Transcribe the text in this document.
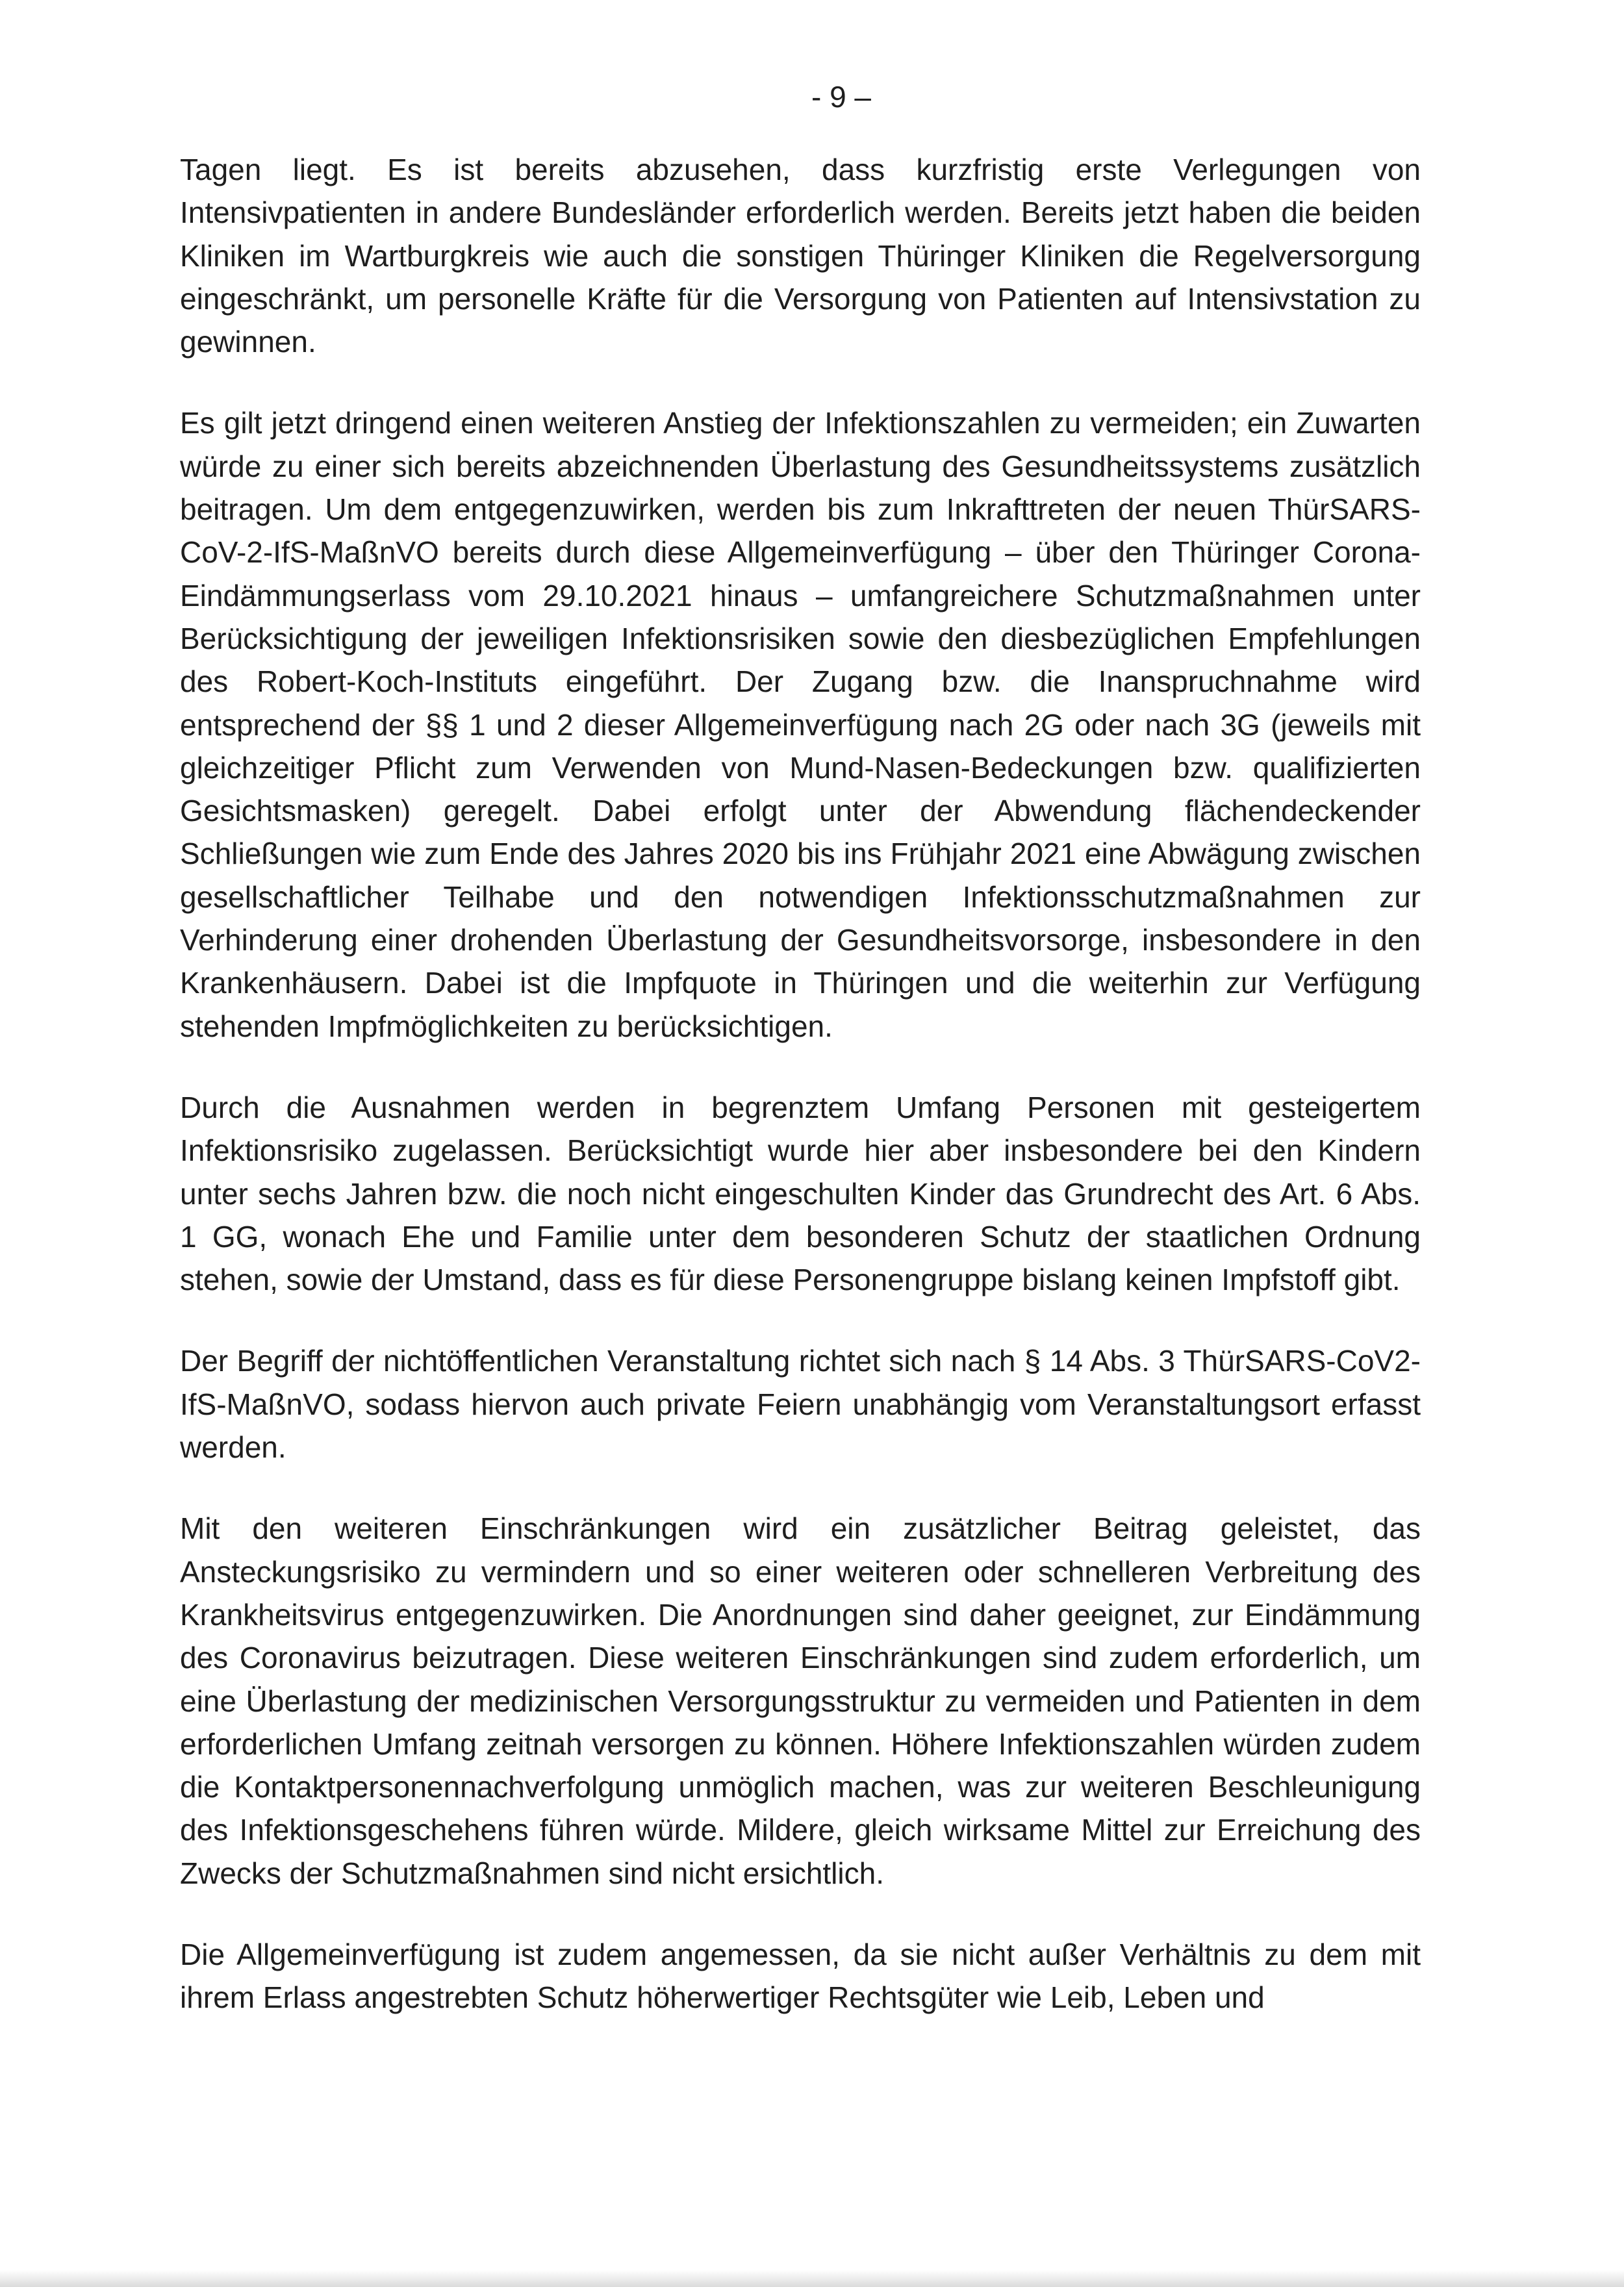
- 9 –

Tagen liegt. Es ist bereits abzusehen, dass kurzfristig erste Verlegungen von Intensivpatienten in andere Bundesländer erforderlich werden. Bereits jetzt haben die beiden Kliniken im Wartburgkreis wie auch die sonstigen Thüringer Kliniken die Regelversorgung eingeschränkt, um personelle Kräfte für die Versorgung von Patienten auf Intensivstation zu gewinnen.

Es gilt jetzt dringend einen weiteren Anstieg der Infektionszahlen zu vermeiden; ein Zuwarten würde zu einer sich bereits abzeichnenden Überlastung des Gesundheitssystems zusätzlich beitragen. Um dem entgegenzuwirken, werden bis zum Inkrafttreten der neuen ThürSARS-CoV-2-IfS-MaßnVO bereits durch diese Allgemeinverfügung – über den Thüringer Corona-Eindämmungserlass vom 29.10.2021 hinaus – umfangreichere Schutzmaßnahmen unter Berücksichtigung der jeweiligen Infektionsrisiken sowie den diesbezüglichen Empfehlungen des Robert-Koch-Instituts eingeführt. Der Zugang bzw. die Inanspruchnahme wird entsprechend der §§ 1 und 2 dieser Allgemeinverfügung nach 2G oder nach 3G (jeweils mit gleichzeitiger Pflicht zum Verwenden von Mund-Nasen-Bedeckungen bzw. qualifizierten Gesichtsmasken) geregelt. Dabei erfolgt unter der Abwendung flächendeckender Schließungen wie zum Ende des Jahres 2020 bis ins Frühjahr 2021 eine Abwägung zwischen gesellschaftlicher Teilhabe und den notwendigen Infektionsschutzmaßnahmen zur Verhinderung einer drohenden Überlastung der Gesundheitsvorsorge, insbesondere in den Krankenhäusern. Dabei ist die Impfquote in Thüringen und die weiterhin zur Verfügung stehenden Impfmöglichkeiten zu berücksichtigen.

Durch die Ausnahmen werden in begrenztem Umfang Personen mit gesteigertem Infektionsrisiko zugelassen. Berücksichtigt wurde hier aber insbesondere bei den Kindern unter sechs Jahren bzw. die noch nicht eingeschulten Kinder das Grundrecht des Art. 6 Abs. 1 GG, wonach Ehe und Familie unter dem besonderen Schutz der staatlichen Ordnung stehen, sowie der Umstand, dass es für diese Personengruppe bislang keinen Impfstoff gibt.

Der Begriff der nichtöffentlichen Veranstaltung richtet sich nach § 14 Abs. 3 ThürSARS-CoV2-IfS-MaßnVO, sodass hiervon auch private Feiern unabhängig vom Veranstaltungsort erfasst werden.

Mit den weiteren Einschränkungen wird ein zusätzlicher Beitrag geleistet, das Ansteckungsrisiko zu vermindern und so einer weiteren oder schnelleren Verbreitung des Krankheitsvirus entgegenzuwirken. Die Anordnungen sind daher geeignet, zur Eindämmung des Coronavirus beizutragen. Diese weiteren Einschränkungen sind zudem erforderlich, um eine Überlastung der medizinischen Versorgungsstruktur zu vermeiden und Patienten in dem erforderlichen Umfang zeitnah versorgen zu können. Höhere Infektionszahlen würden zudem die Kontaktpersonennachverfolgung unmöglich machen, was zur weiteren Beschleunigung des Infektionsgeschehens führen würde. Mildere, gleich wirksame Mittel zur Erreichung des Zwecks der Schutzmaßnahmen sind nicht ersichtlich.

Die Allgemeinverfügung ist zudem angemessen, da sie nicht außer Verhältnis zu dem mit ihrem Erlass angestrebten Schutz höherwertiger Rechtsgüter wie Leib, Leben und
